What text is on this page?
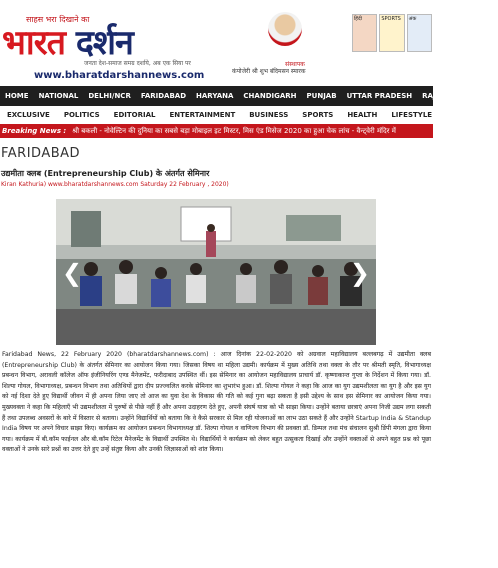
साहस भरा दिखाने का
भारत दर्शन
जनता देश-समाज समग्र दर्शाये, अब एक सिया पर
www.bharatdarshannews.com
संस्थापक
कंपोजेरी श्री शुभ बंदिमसन स्मारक
हिंदी	SPORTS	अंक
HOME	NATIONAL	DELHI/NCR	FARIDABAD	HARYANA	CHANDIGARH	PUNJAB	UTTAR PRADESH	RAJASTHAN	HIM
EXCLUSIVE	POLITICS	EDITORIAL	ENTERTAINMENT	BUSINESS	SPORTS	HEALTH	LIFESTYLE
Breaking News : श्री बकली - नोवेल्टिन की दुनिया का सबसे बड़ा मोबाइल इट मिस्टर, मिस एंड मिसेज 2020 का हुआ चेक लांच - वैन्ट्वेरी मंदिर में
FARIDABAD
उद्यमीता क्लब (Entrepreneurship Club) के अंतर्गत सेमिनार
Kiran Kathuria) www.bharatdarshannews.com Saturday 22 February , 2020)
❮	❯

Faridabad News, 22 February 2020 (bharatdarshannews.com) : आज दिनांक 22-02-2020 को अग्रवाल महाविद्यालय बल्लबगढ़ में उद्यमीता क्लब (Entrepreneurship Club) के अंतर्गत सेमिनार का आयोजन किया गया। जिसका विषय था महिला उद्यमी। कार्यक्रम में मुख्य अतिथि तथा वक्ता के तौर पर श्रीमती स्मृति, विभागाध्यक्ष प्रबन्धन विभाग, अरावली कॉलेज ऑफ इंजीनियरिंग एण्ड मैनेजमेंट, फरीदाबाद उपस्थित थीं। इस सेमिनार का आयोजन महाविद्यालय प्राचार्य डॉ. कृष्णाकान्त गुप्ता के निर्देशन में किया गया। डॉ. शिल्पा गोयल, विभागाध्यक्ष, प्रबन्धन विभाग तथा अतिथियों द्वारा दीप प्रज्ज्वलित करके सेमिनार का शुभारंभ हुआ। डॉ. शिल्पा गोयल ने कहा कि आज का युग उद्यमशीलता का युग है और इस युग को नई दिशा देते हुए विद्यार्थी जीवन में ही अपना लिया जाए तो आज का युवा देश के विकास की गति को कई गुना बढ़ा सकता है इसी उद्देश्य के साथ इस सेमिनार का आयोजन किया गया। मुख्यवक्ता ने कहा कि महिलाएँ भी उद्यमशीलता में पुरुषों से पीछे नहीं हैं और अपना उदाहरण देते हुए, अपनी संघर्ष यात्रा को भी साझा किया। उन्होंने बताया छात्राएं अपना निजी उद्यम लगा सकती हैं तथा उपलब्ध अवसरों के बारे में विस्तार से बताया। उन्होंने विद्यार्थियों को बताया कि वे कैसे सरकार से मिल रही योजनाओं का लाभ उठा सकते हैं और उन्होंने Startup India & Standup India विषय पर अपने विचार साझा किए। कार्यक्रम का आयोजन प्रबन्धन विभागाध्यक्ष डॉ. शिल्पा गोयल व वाणिज्य विभाग की प्रवक्ता डॉ. डिम्पल तथा मंच संचालन सुश्री डिंपी मंगला द्वारा किया गया। कार्यक्रम में बी.कॉम फाईनल और बी.कॉम रिटेल मैनेजमेंट के विद्यार्थी उपस्थित थे। विद्यार्थियों ने कार्यक्रम को लेकर बहुत उत्सुकता दिखाई और उन्होंने वक्ताओं से अपने बहुत प्रश्न को पूछा वक्ताओं ने उनके सारे प्रश्नों का उत्तर देते हुए उन्हें संतुष्ट किया और उनकी जिज्ञासाओं को शांत किया।
